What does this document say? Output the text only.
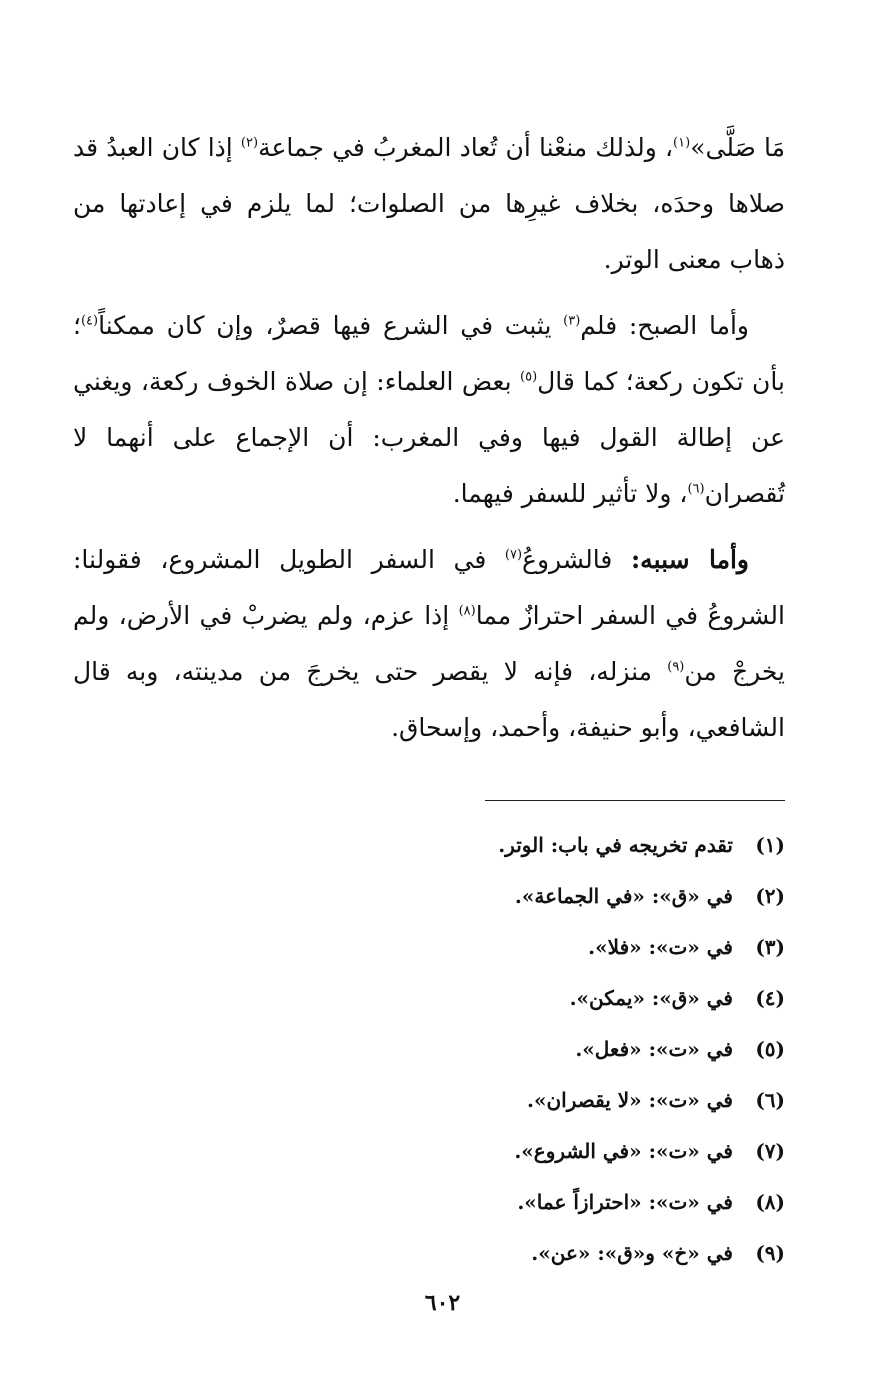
مَا صَلَّى»$^{(١)}$، ولذلك منعْنا أن تُعاد المغربُ في جماعة$^{(٢)}$ إذا كان العبدُ قد صلاها وحدَه، بخلاف غيرِها من الصلوات؛ لما يلزم في إعادتها من ذهاب معنى الوتر.

وأما الصبح: فلم$^{(٣)}$ يثبت في الشرع فيها قصرٌ، وإن كان ممكناً$^{(٤)}$؛ بأن تكون ركعة؛ كما قال$^{(٥)}$ بعض العلماء: إن صلاة الخوف ركعة، ويغني عن إطالة القول فيها وفي المغرب: أن الإجماع على أنهما لا تُقصران$^{(٦)}$، ولا تأثير للسفر فيهما.

وأما سببه: فالشروعُ$^{(٧)}$ في السفر الطويل المشروع، فقولنا: الشروعُ في السفر احترازٌ مما$^{(٨)}$ إذا عزم، ولم يضربْ في الأرض، ولم يخرجْ من$^{(٩)}$ منزله، فإنه لا يقصر حتى يخرجَ من مدينته، وبه قال الشافعي، وأبو حنيفة، وأحمد، وإسحاق.

(١)
تقدم تخريجه في باب: الوتر.
(٢)
في «ق»: «في الجماعة».
(٣)
في «ت»: «فلا».
(٤)
في «ق»: «يمكن».
(٥)
في «ت»: «فعل».
(٦)
في «ت»: «لا يقصران».
(٧)
في «ت»: «في الشروع».
(٨)
في «ت»: «احترازاً عما».
(٩)
في «خ» و«ق»: «عن».
٦٠٢
